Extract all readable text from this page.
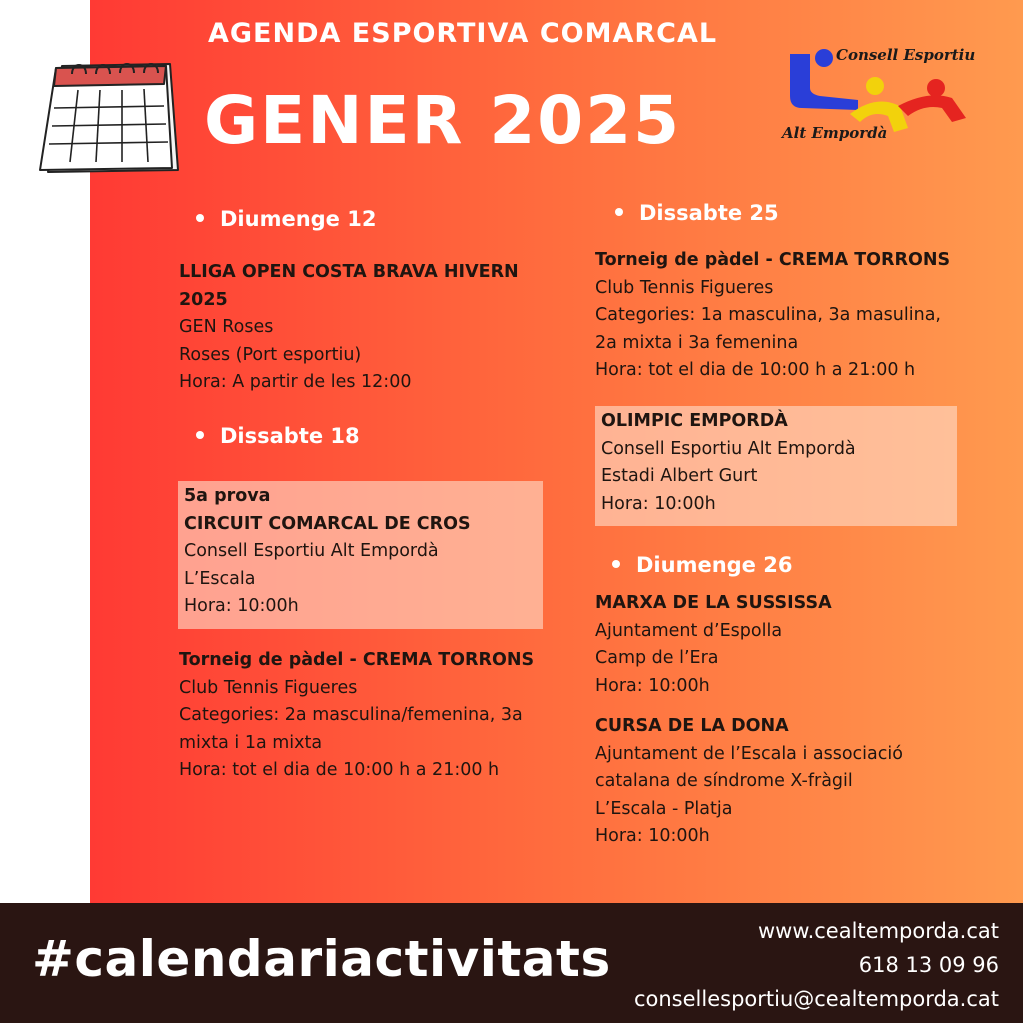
AGENDA ESPORTIVA COMARCAL
GENER 2025
Consell Esportiu
Alt Empordà
Diumenge 12
LLIGA OPEN COSTA BRAVA HIVERN
2025
GEN Roses
Roses (Port esportiu)
Hora: A partir de les 12:00
Dissabte 18
5a prova
CIRCUIT COMARCAL DE CROS
Consell Esportiu Alt Empordà
L’Escala
Hora: 10:00h
Torneig de pàdel - CREMA TORRONS
Club Tennis Figueres
Categories: 2a masculina/femenina, 3a
mixta i 1a mixta
Hora: tot el dia de 10:00 h a 21:00 h
Dissabte 25
Torneig de pàdel - CREMA TORRONS
Club Tennis Figueres
Categories: 1a masculina, 3a masulina,
2a mixta i 3a femenina
Hora: tot el dia de 10:00 h a 21:00 h
OLIMPIC EMPORDÀ
Consell Esportiu Alt Empordà
Estadi Albert Gurt
Hora: 10:00h
Diumenge 26
MARXA DE LA SUSSISSA
Ajuntament d’Espolla
Camp de l’Era
Hora: 10:00h
CURSA DE LA DONA
Ajuntament de l’Escala i associació
catalana de síndrome X-fràgil
L’Escala - Platja
Hora: 10:00h
#calendariactivitats	www.cealtemporda.cat
618 13 09 96
consellesportiu@cealtemporda.cat
